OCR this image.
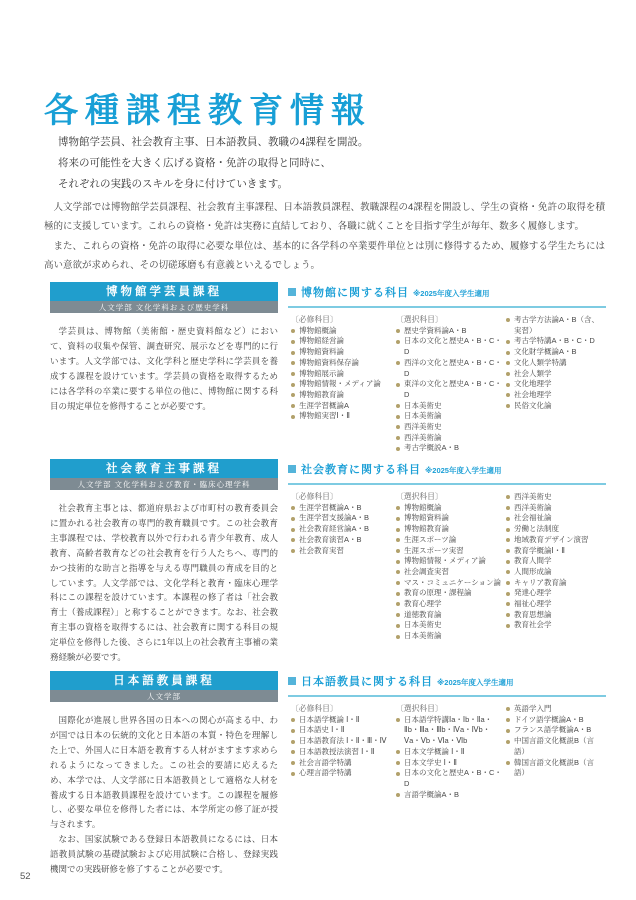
各種課程教育情報

博物館学芸員、社会教育主事、日本語教員、教職の4課程を開設。

将来の可能性を大きく広げる資格・免許の取得と同時に、

それぞれの実践のスキルを身に付けていきます。

人文学部では博物館学芸員課程、社会教育主事課程、日本語教員課程、教職課程の4課程を開設し、学生の資格・免許の取得を積極的に支援しています。これらの資格・免許は実務に直結しており、各職に就くことを目指す学生が毎年、数多く履修します。

また、これらの資格・免許の取得に必要な単位は、基本的に各学科の卒業要件単位とは別に修得するため、履修する学生たちには高い意欲が求められ、その切磋琢磨も有意義といえるでしょう。

博物館学芸員課程
人文学部 文化学科および歴史学科

学芸員は、博物館（美術館・歴史資料館など）において、資料の収集や保管、調査研究、展示などを専門的に行います。人文学部では、文化学科と歴史学科に学芸員を養成する課程を設けています。学芸員の資格を取得するためには各学科の卒業に要する単位の他に、博物館に関する科目の規定単位を修得することが必要です。

博物館に関する科目 ※2025年度入学生適用
〔必修科目〕
博物館概論
博物館経営論
博物館資料論
博物館資料保存論
博物館展示論
博物館情報・メディア論
博物館教育論
生涯学習概論A
博物館実習Ⅰ・Ⅱ
〔選択科目〕
歴史学資料論A・B
日本の文化と歴史A・B・C・D
西洋の文化と歴史A・B・C・D
東洋の文化と歴史A・B・C・D
日本美術史
日本美術論
西洋美術史
西洋美術論
考古学概説A・B
考古学方法論A・B（含、実習）
考古学特講A・B・C・D
文化財学概論A・B
文化人類学特講
社会人類学
文化地理学
社会地理学
民俗文化論
社会教育主事課程
人文学部 文化学科および教育・臨床心理学科

社会教育主事とは、都道府県および市町村の教育委員会に置かれる社会教育の専門的教育職員です。この社会教育主事課程では、学校教育以外で行われる青少年教育、成人教育、高齢者教育などの社会教育を行う人たちへ、専門的かつ技術的な助言と指導を与える専門職員の育成を目的としています。人文学部では、文化学科と教育・臨床心理学科にこの課程を設けています。本課程の修了者は「社会教育士（養成課程）」と称することができます。なお、社会教育主事の資格を取得するには、社会教育に関する科目の規定単位を修得した後、さらに1年以上の社会教育主事補の業務経験が必要です。

社会教育に関する科目 ※2025年度入学生適用
〔必修科目〕
生涯学習概論A・B
生涯学習支援論A・B
社会教育経営論A・B
社会教育演習A・B
社会教育実習
〔選択科目〕
博物館概論
博物館資料論
博物館教育論
生涯スポーツ論
生涯スポーツ実習
博物館情報・メディア論
社会調査実習
マス・コミュニケーション論
教育の原理・課程論
教育心理学
道徳教育論
日本美術史
日本美術論
西洋美術史
西洋美術論
社会福祉論
労働と法制度
地域教育デザイン演習
教育学概論Ⅰ・Ⅱ
教育人間学
人間形成論
キャリア教育論
発達心理学
福祉心理学
教育思想論
教育社会学
日本語教員課程
人文学部

国際化が進展し世界各国の日本への関心が高まる中、わが国では日本の伝統的文化と日本語の本質・特色を理解した上で、外国人に日本語を教育する人材がますます求められるようになってきました。この社会的要請に応えるため、本学では、人文学部に日本語教員として適格な人材を養成する日本語教員課程を設けています。この課程を履修し、必要な単位を修得した者には、本学所定の修了証が授与されます。

なお、国家試験である登録日本語教員になるには、日本語教員試験の基礎試験および応用試験に合格し、登録実践機関での実践研修を修了することが必要です。

日本語教員に関する科目 ※2025年度入学生適用
〔必修科目〕
日本語学概論 Ⅰ・Ⅱ
日本語史 Ⅰ・Ⅱ
日本語教育法 Ⅰ・Ⅱ・Ⅲ・Ⅳ
日本語教授法演習 Ⅰ・Ⅱ
社会言語学特講
心理言語学特講
〔選択科目〕
日本語学特講Ⅰa・Ⅰb・Ⅱa・Ⅱb・Ⅲa・Ⅲb・Ⅳa・Ⅳb・Ⅴa・Ⅴb・Ⅵa・Ⅵb
日本文学概論 Ⅰ・Ⅱ
日本文学史 Ⅰ・Ⅱ
日本の文化と歴史A・B・C・D
言語学概論A・B
英語学入門
ドイツ語学概論A・B
フランス語学概論A・B
中国言語文化概説B（言語）
韓国言語文化概説B（言語）
52
